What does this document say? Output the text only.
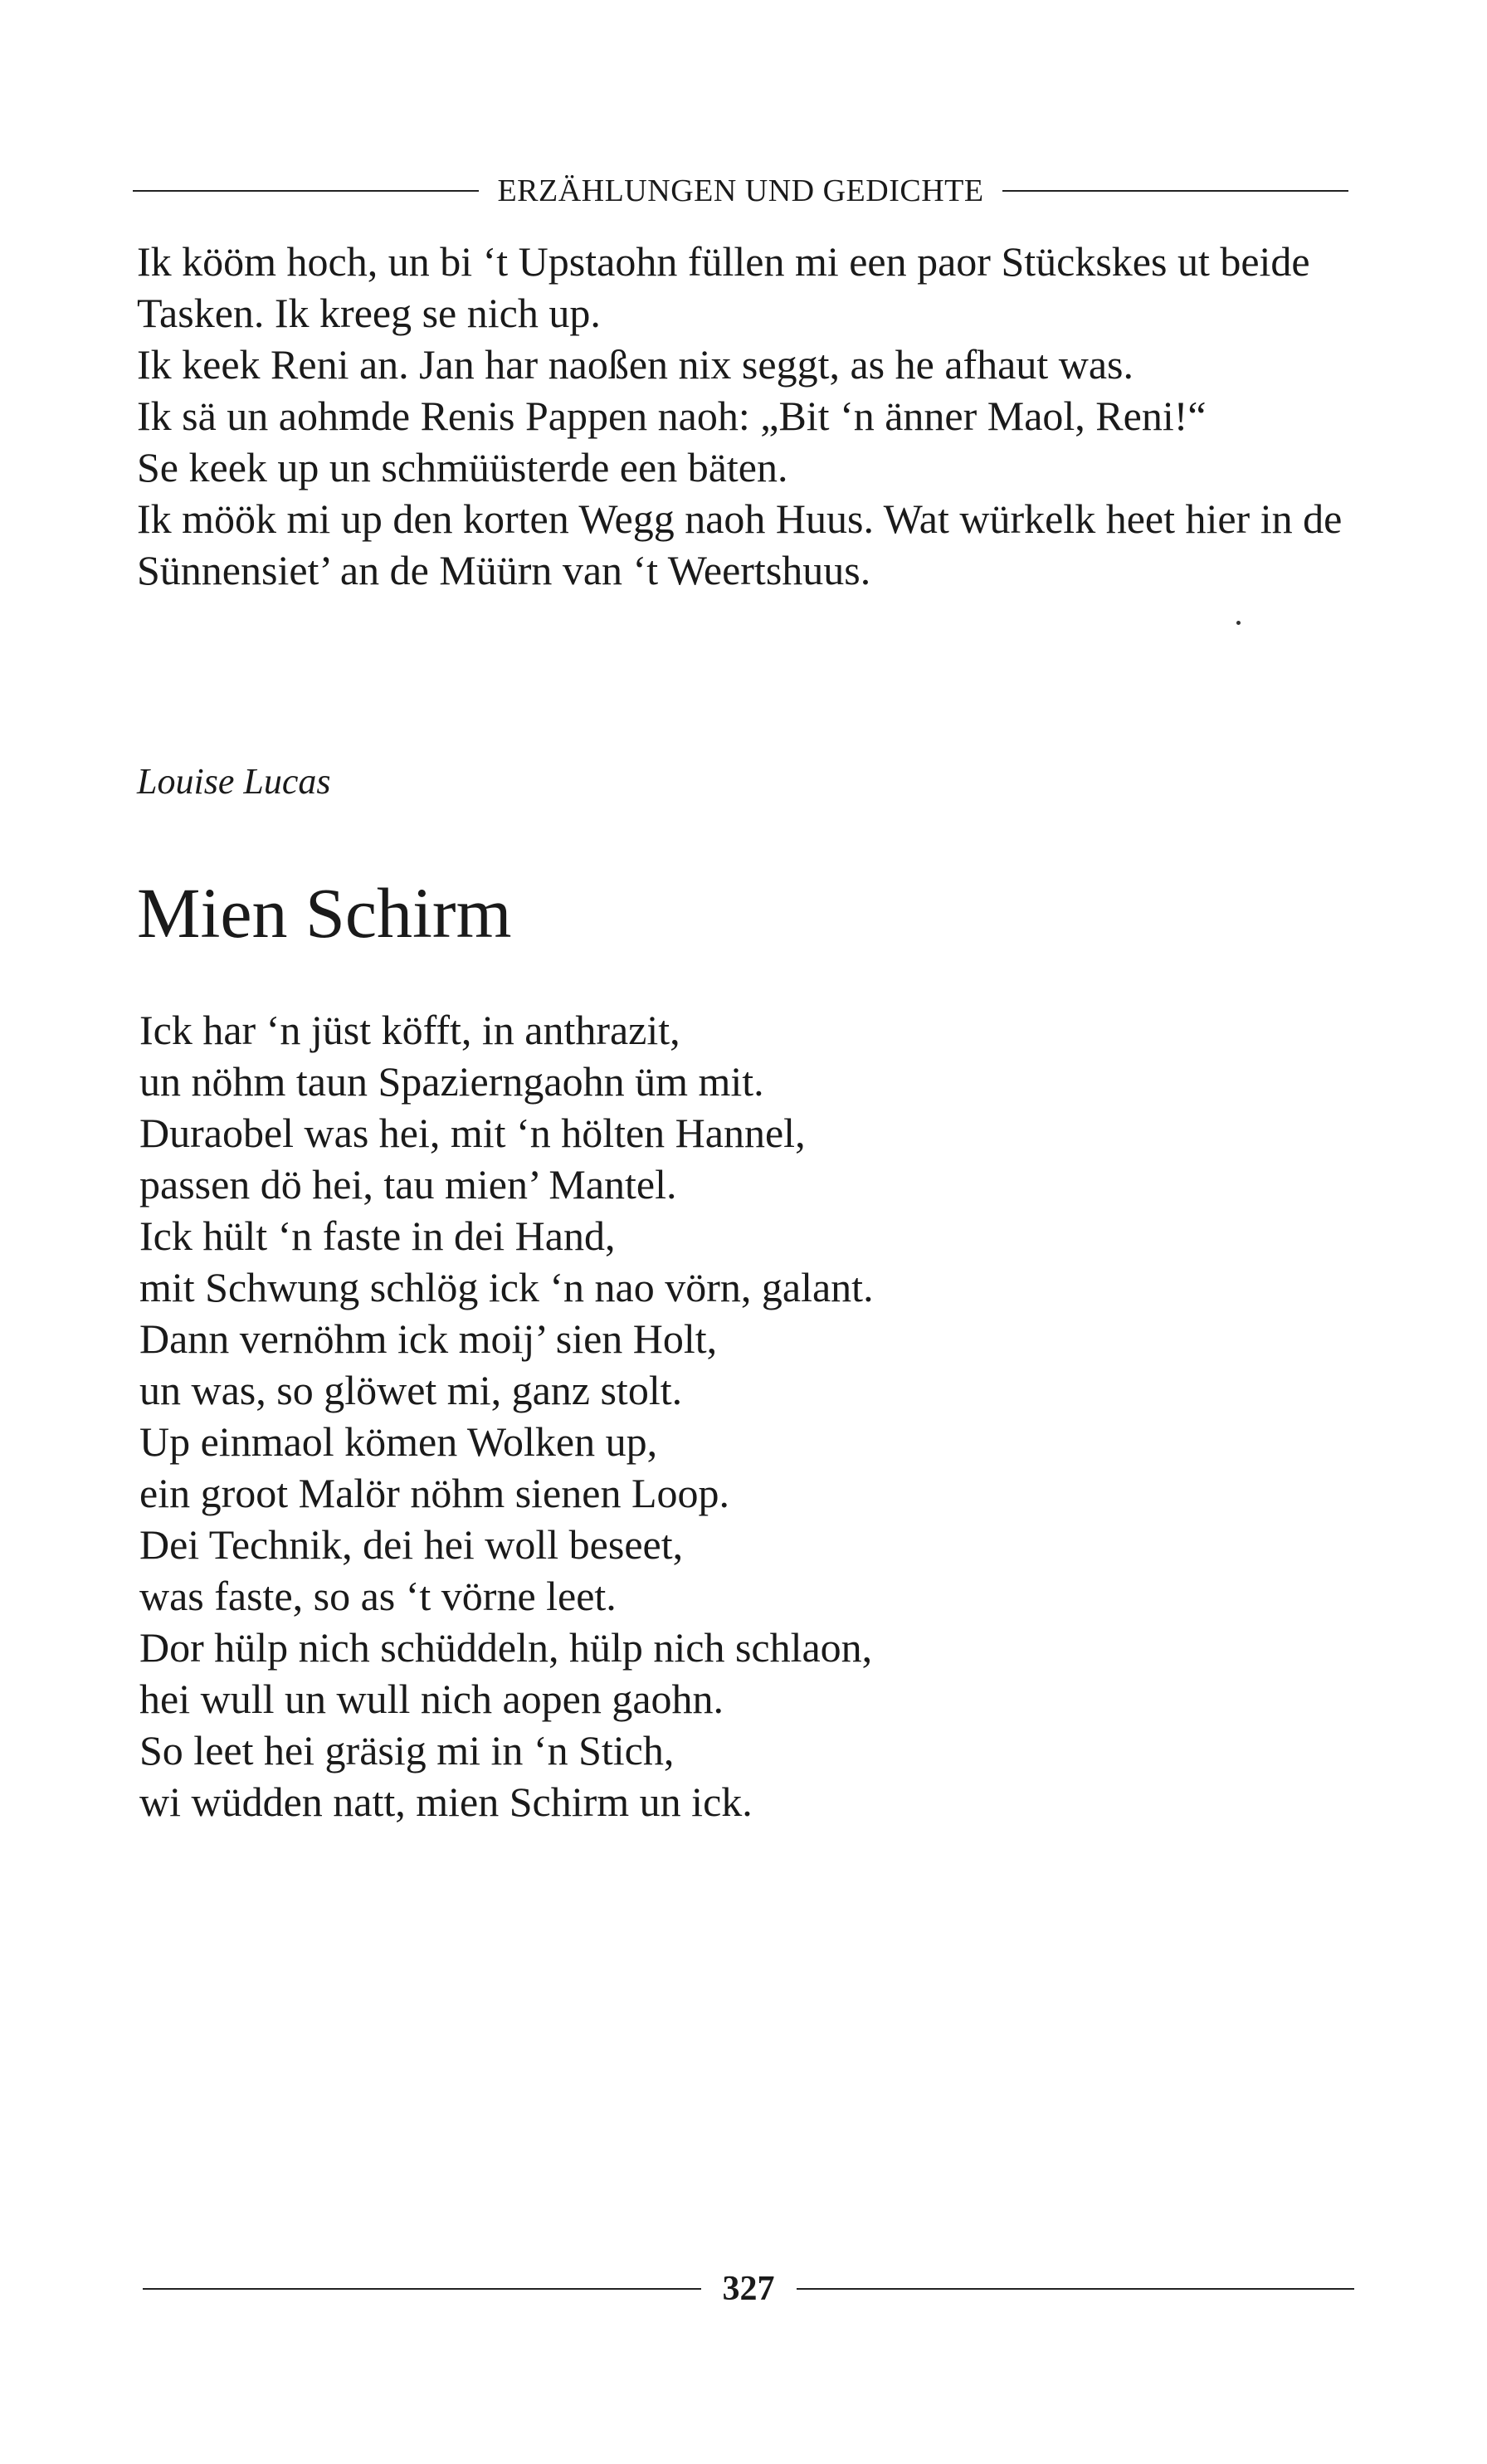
ERZÄHLUNGEN UND GEDICHTE

Ik kööm hoch, un bi ‘t Upstaohn füllen mi een paor Stückskes ut beide Tasken. Ik kreeg se nich up.

Ik keek Reni an. Jan har naoßen nix seggt, as he afhaut was.

Ik sä un aohmde Renis Pappen naoh: „Bit ‘n änner Maol, Reni!“

Se keek up un schmüüsterde een bäten.

Ik möök mi up den korten Wegg naoh Huus. Wat würkelk heet hier in de Sünnensiet’ an de Müürn van ‘t Weertshuus.

Louise Lucas
Mien Schirm
Ick har ‘n jüst köfft, in anthrazit,
un nöhm taun Spazierngaohn üm mit.
Duraobel was hei, mit ‘n hölten Hannel,
passen dö hei, tau mien’ Mantel.
Ick hült ‘n faste in dei Hand,
mit Schwung schlög ick ‘n nao vörn, galant.
Dann vernöhm ick moij’ sien Holt,
un was, so glöwet mi, ganz stolt.
Up einmaol kömen Wolken up,
ein groot Malör nöhm sienen Loop.
Dei Technik, dei hei woll beseet,
was faste, so as ‘t vörne leet.
Dor hülp nich schüddeln, hülp nich schlaon,
hei wull un wull nich aopen gaohn.
So leet hei gräsig mi in ‘n Stich,
wi wüdden natt, mien Schirm un ick.
327
